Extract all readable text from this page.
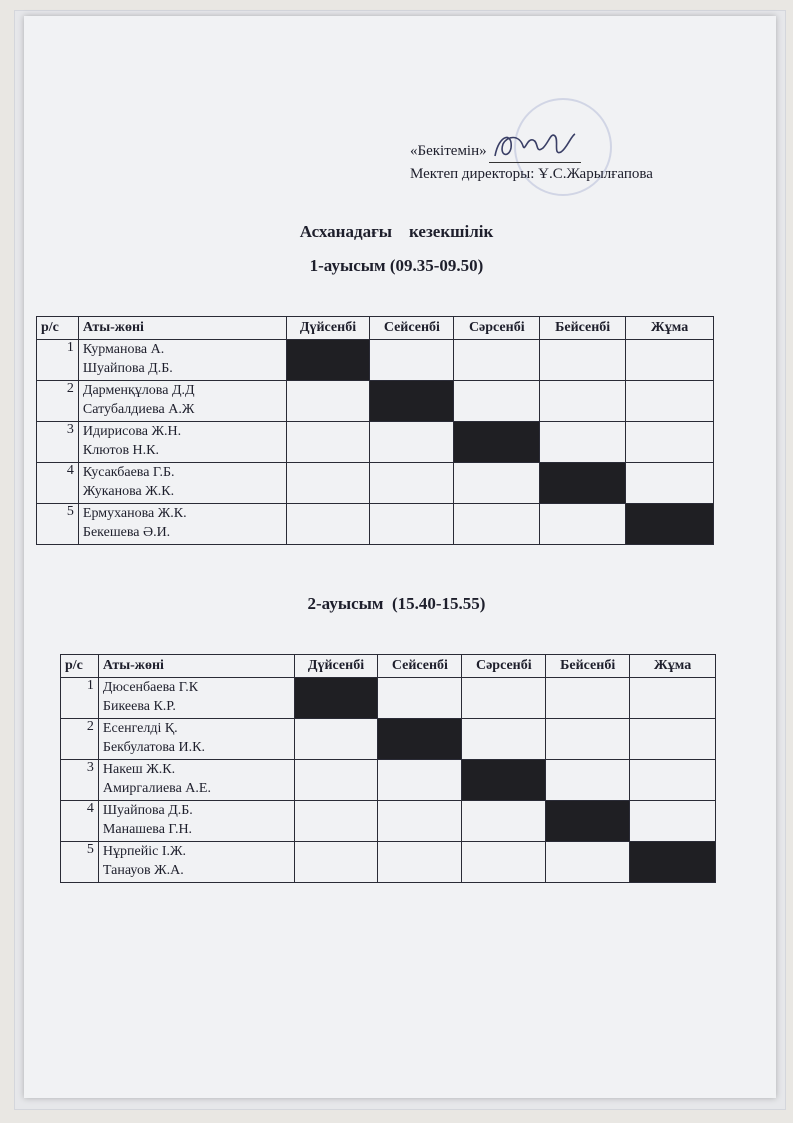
«Бекітемін»
Мектеп директоры: Ұ.С.Жарылғапова
Асханадағы    кезекшілік
1-ауысым (09.35-09.50)
р/с	Аты-жөні	Дүйсенбі	Сейсенбі	Сәрсенбі	Бейсенбі	Жұма
1	Курманова А.
Шуайпова Д.Б.					

2	Дарменқұлова Д.Д
Сатубалдиева А.Ж					

3	Идирисова Ж.Н.
Клютов Н.К.					

4	Кусакбаева Г.Б.
Жуканова Ж.К.					

5	Ермуханова Ж.К.
Бекешева Ә.И.					

2-ауысым  (15.40-15.55)
р/с	Аты-жөні	Дүйсенбі	Сейсенбі	Сәрсенбі	Бейсенбі	Жұма
1	Дюсенбаева Г.К
Бикеева К.Р.					

2	Есенгелді Қ.
Бекбулатова И.К.					

3	Накеш Ж.К.
Амиргалиева А.Е.					

4	Шуайпова Д.Б.
Манашева Г.Н.					

5	Нұрпейіс І.Ж.
Танауов Ж.А.					
